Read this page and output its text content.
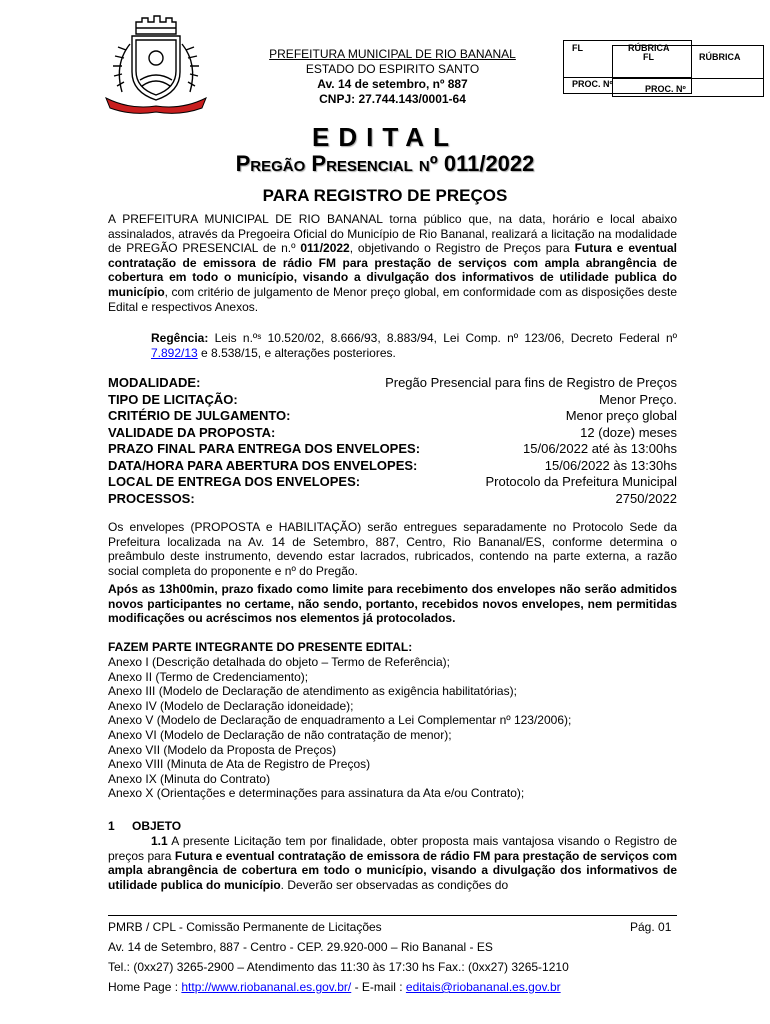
PREFEITURA MUNICIPAL DE RIO BANANAL
ESTADO DO ESPIRITO SANTO
Av. 14 de setembro, nº 887
CNPJ: 27.744.143/0001-64
FL	RÚBRICA
PROC. Nº
FL	RÚBRICA
PROC. Nº
EDITAL
Pregão Presencial nº 011/2022
PARA REGISTRO DE PREÇOS
A PREFEITURA MUNICIPAL DE RIO BANANAL torna público que, na data, horário e local abaixo assinalados, através da Pregoeira Oficial do Município de Rio Bananal, realizará a licitação na modalidade de PREGÃO PRESENCIAL de n.º 011/2022, objetivando o Registro de Preços para Futura e eventual contratação de emissora de rádio FM para prestação de serviços com ampla abrangência de cobertura em todo o município, visando a divulgação dos informativos de utilidade publica do município, com critério de julgamento de Menor preço global, em conformidade com as disposições deste Edital e respectivos Anexos.
Regência: Leis n.ºˢ 10.520/02, 8.666/93, 8.883/94, Lei Comp. nº 123/06, Decreto Federal nº 7.892/13 e 8.538/15, e alterações posteriores.
MODALIDADE:	Pregão Presencial para fins de Registro de Preços
TIPO DE LICITAÇÃO:	Menor Preço.
CRITÉRIO DE JULGAMENTO:	Menor preço global
VALIDADE DA PROPOSTA:	12 (doze) meses
PRAZO FINAL PARA ENTREGA DOS ENVELOPES:	15/06/2022 até às 13:00hs
DATA/HORA PARA ABERTURA DOS ENVELOPES:	15/06/2022 às 13:30hs
LOCAL DE ENTREGA DOS ENVELOPES:	Protocolo da Prefeitura Municipal
PROCESSOS:	2750/2022
Os envelopes (PROPOSTA e HABILITAÇÃO) serão entregues separadamente no Protocolo Sede da Prefeitura localizada na Av. 14 de Setembro, 887, Centro, Rio Bananal/ES, conforme determina o preâmbulo deste instrumento, devendo estar lacrados, rubricados, contendo na parte externa, a razão social completa do proponente e nº do Pregão.
Após as 13h00min, prazo fixado como limite para recebimento dos envelopes não serão admitidos novos participantes no certame, não sendo, portanto, recebidos novos envelopes, nem permitidas modificações ou acréscimos nos elementos já protocolados.
FAZEM PARTE INTEGRANTE DO PRESENTE EDITAL:
Anexo I (Descrição detalhada do objeto – Termo de Referência);
Anexo II (Termo de Credenciamento);
Anexo III (Modelo de Declaração de atendimento as exigência habilitatórias);
Anexo IV (Modelo de Declaração idoneidade);
Anexo V (Modelo de Declaração de enquadramento a Lei Complementar nº 123/2006);
Anexo VI (Modelo de Declaração de não contratação de menor);
Anexo VII (Modelo da Proposta de Preços)
Anexo VIII (Minuta de Ata de Registro de Preços)
Anexo IX (Minuta do Contrato)
Anexo X (Orientações e determinações para assinatura da Ata e/ou Contrato);
1 OBJETO
1.1 A presente Licitação tem por finalidade, obter proposta mais vantajosa visando o Registro de preços para Futura e eventual contratação de emissora de rádio FM para prestação de serviços com ampla abrangência de cobertura em todo o município, visando a divulgação dos informativos de utilidade publica do município. Deverão ser observadas as condições do
PMRB / CPL - Comissão Permanente de Licitações	Pág. 01
Av. 14 de Setembro, 887 - Centro - CEP. 29.920-000 – Rio Bananal - ES
Tel.: (0xx27) 3265-2900 – Atendimento das 11:30 às 17:30 hs Fax.: (0xx27) 3265-1210
Home Page : http://www.riobananal.es.gov.br/ - E-mail : editais@riobananal.es.gov.br
